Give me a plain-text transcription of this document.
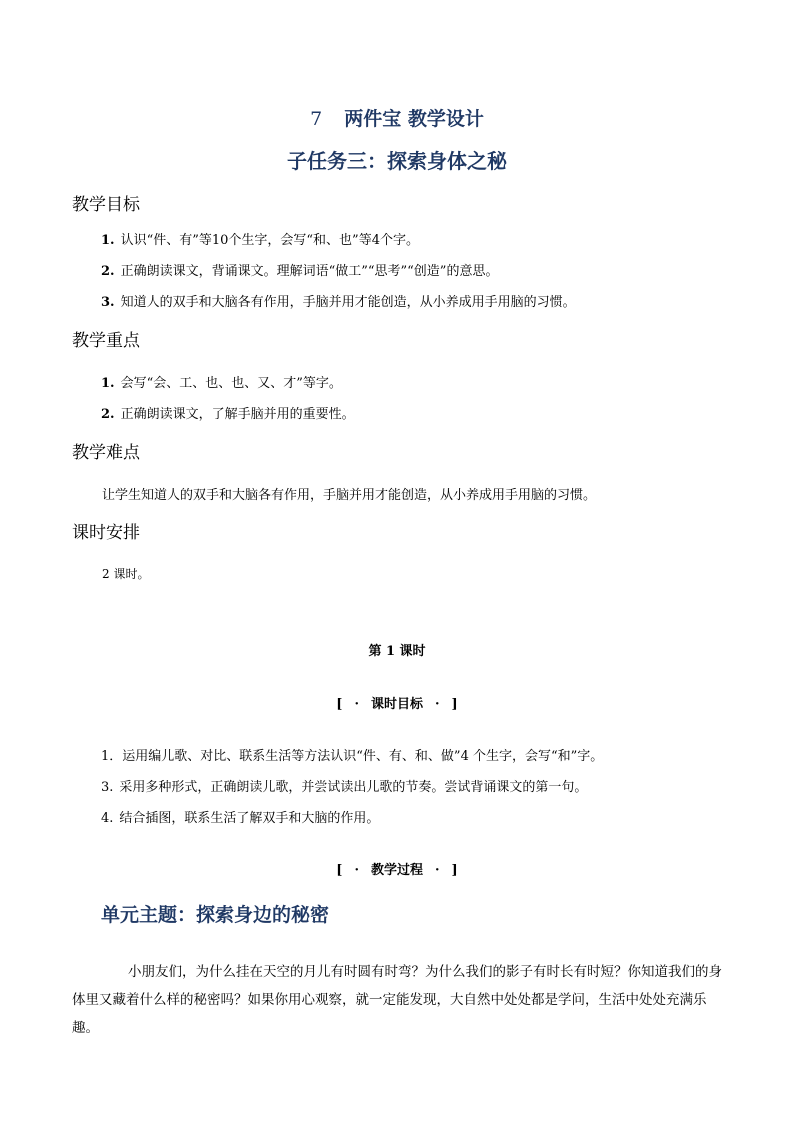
7 两件宝 教学设计
子任务三：探索身体之秘
教学目标
1. 认识“件、有”等10个生字，会写“和、也”等4个字。
2. 正确朗读课文，背诵课文。理解词语“做工”“思考”“创造”的意思。
3. 知道人的双手和大脑各有作用，手脑并用才能创造，从小养成用手用脑的习惯。
教学重点
1. 会写“会、工、也、也、又、才”等字。
2. 正确朗读课文，了解手脑并用的重要性。
教学难点
让学生知道人的双手和大脑各有作用，手脑并用才能创造，从小养成用手用脑的习惯。
课时安排
2 课时。
第 1 课时
[ · 课时目标 · ]
1．运用编儿歌、对比、联系生活等方法认识“件、有、和、做”4 个生字，会写“和”字。
3. 采用多种形式，正确朗读儿歌，并尝试读出儿歌的节奏。尝试背诵课文的第一句。
4. 结合插图，联系生活了解双手和大脑的作用。
[ · 教学过程 · ]
单元主题：探索身边的秘密
小朋友们，为什么挂在天空的月儿有时圆有时弯？为什么我们的影子有时长有时短？你知道我们的身体里又藏着什么样的秘密吗？如果你用心观察，就一定能发现，大自然中处处都是学问，生活中处处充满乐趣。
